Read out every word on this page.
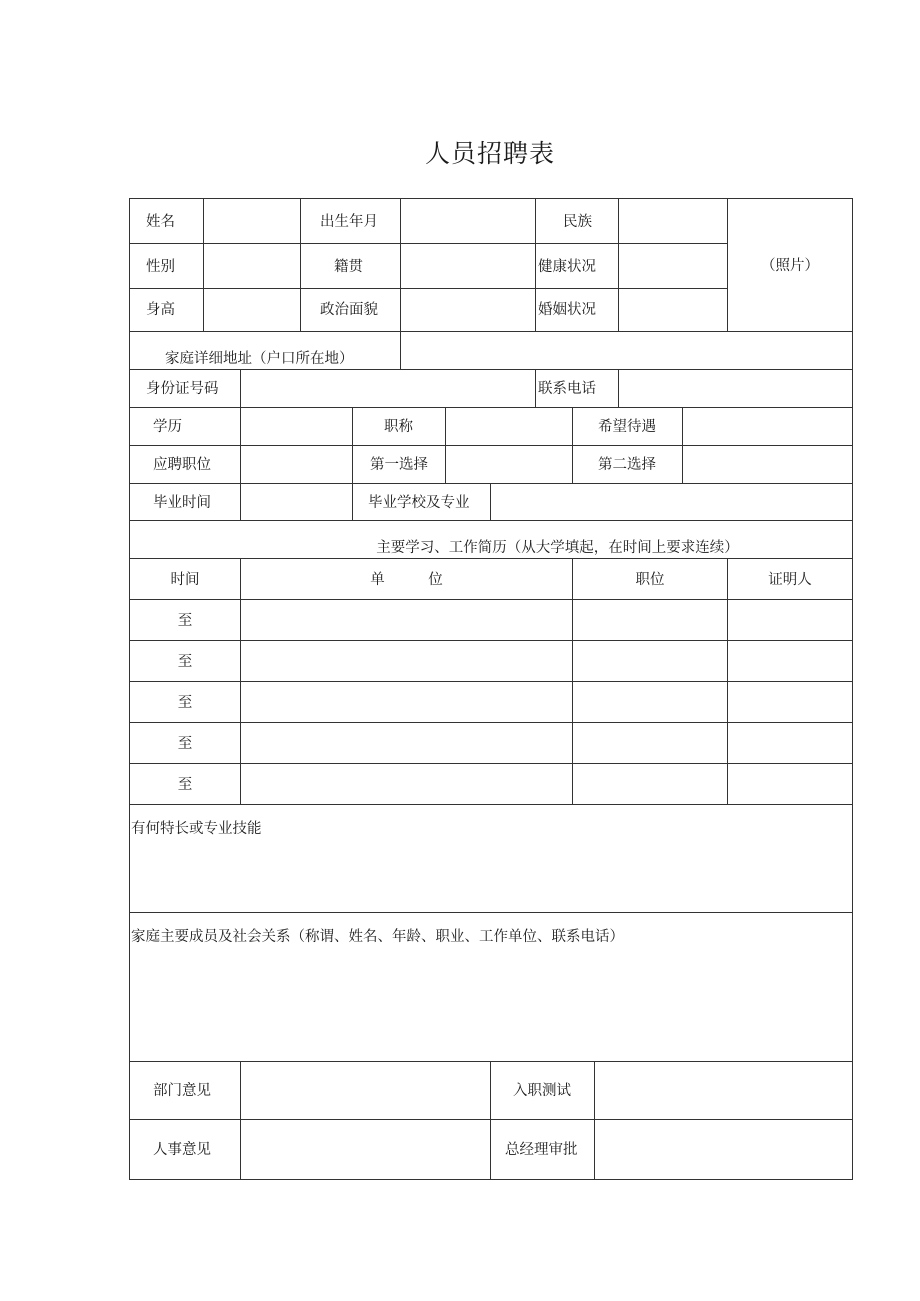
人员招聘表
姓名	出生年月	民族
（照片）
性别	籍贯	健康状况
身高	政治面貌	婚姻状况
家庭详细地址（户口所在地）
身份证号码	联系电话
学历	职称	希望待遇
应聘职位	第一选择	第二选择
毕业时间	毕业学校及专业
主要学习、工作简历（从大学填起，在时间上要求连续）
时间	单　　　位	职位	证明人
至
至
至
至
至
有何特长或专业技能
家庭主要成员及社会关系（称谓、姓名、年龄、职业、工作单位、联系电话）
部门意见	入职测试
人事意见	总经理审批
